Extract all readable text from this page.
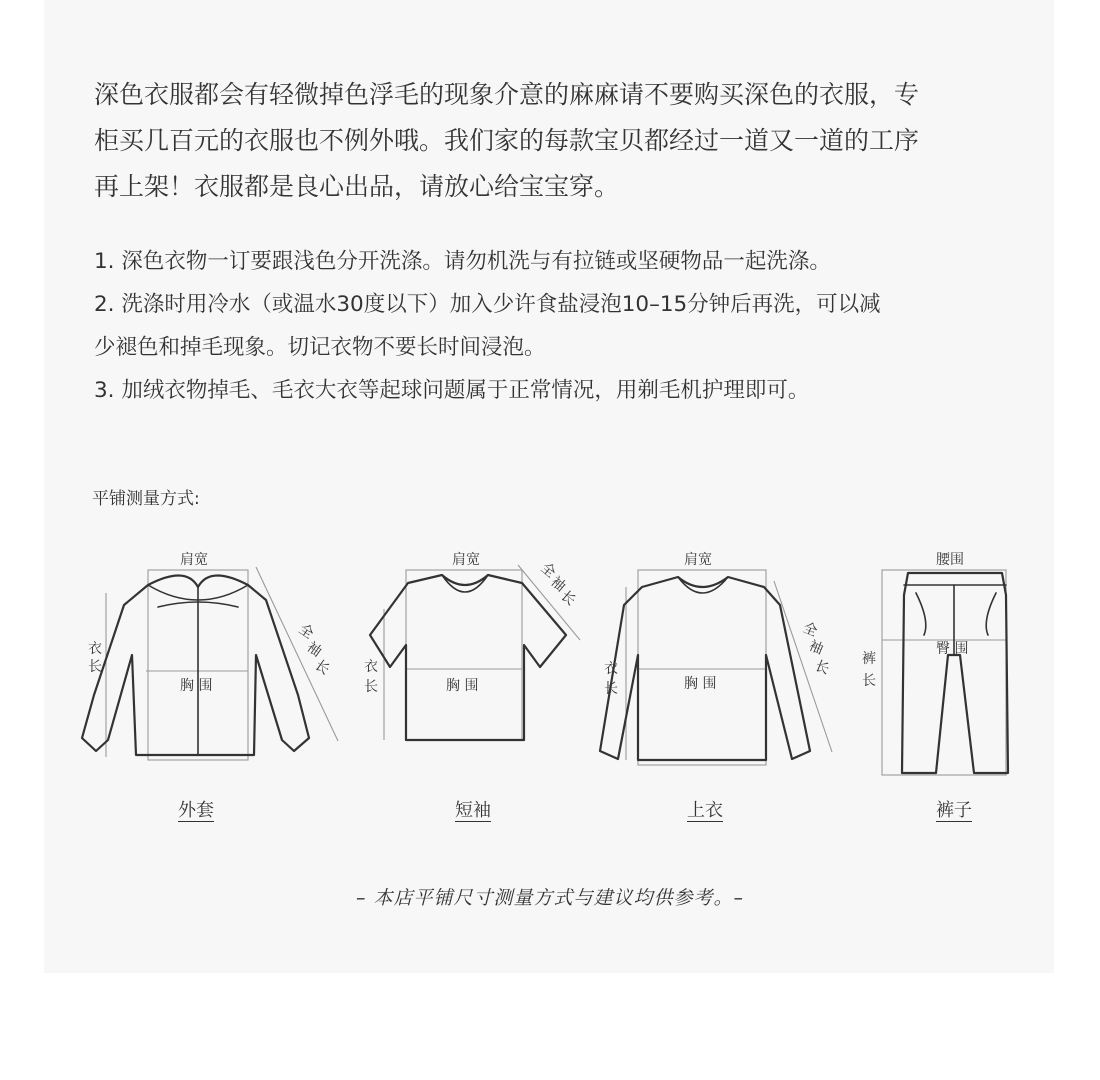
深色衣服都会有轻微掉色浮毛的现象介意的麻麻请不要购买深色的衣服，专
柜买几百元的衣服也不例外哦。我们家的每款宝贝都经过一道又一道的工序
再上架！衣服都是良心出品，请放心给宝宝穿。

1. 深色衣物一订要跟浅色分开洗涤。请勿机洗与有拉链或坚硬物品一起洗涤。
2. 洗涤时用冷水（或温水30度以下）加入少许食盐浸泡10–15分钟后再洗，可以减
少褪色和掉毛现象。切记衣物不要长时间浸泡。
3. 加绒衣物掉毛、毛衣大衣等起球问题属于正常情况，用剃毛机护理即可。
平铺测量方式:
肩宽
胸 围
衣
长
全
袖
长
外套
肩宽
胸 围
衣
长
全
袖
长
短袖
肩宽
胸 围
衣
长
全
袖
长
上衣
腰围
臀 围
裤
长
裤子
– 本店平铺尺寸测量方式与建议均供参考。–
